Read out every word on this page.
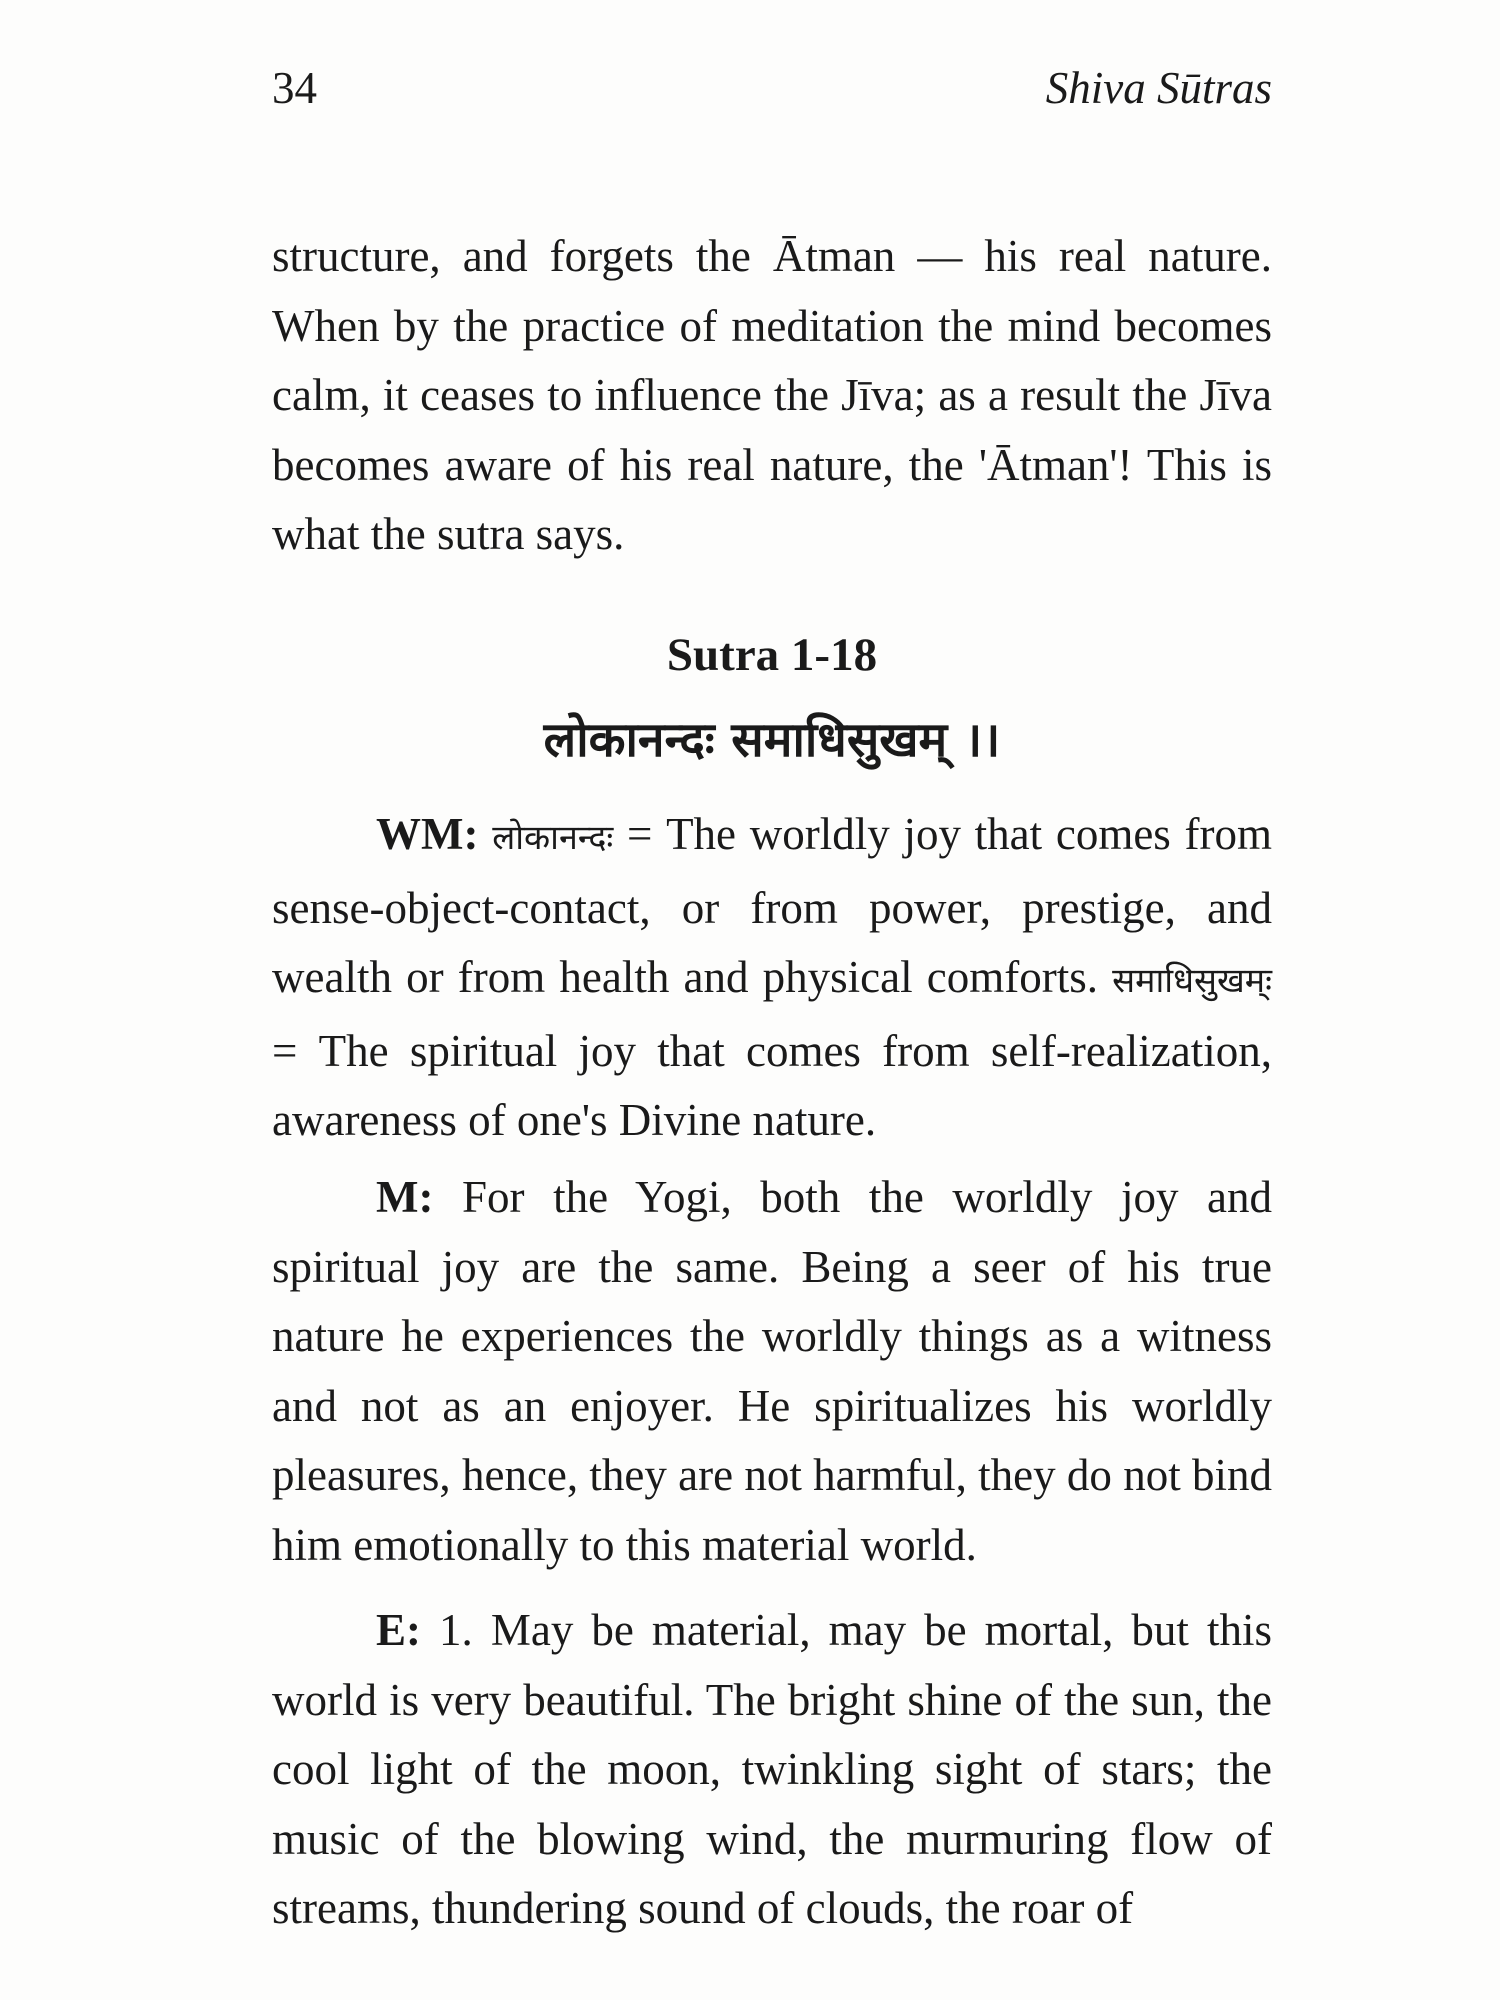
34	Shiva Sūtras

structure, and forgets the Ātman — his real nature. When by the practice of meditation the mind becomes calm, it ceases to influence the Jīva; as a result the Jīva becomes aware of his real nature, the 'Ātman'! This is what the sutra says.

Sutra 1-18
लोकानन्दः समाधिसुखम् ।।

WM: लोकानन्दः = The worldly joy that comes from sense-object-contact, or from power, prestige, and wealth or from health and physical comforts. समाधिसुखम्ः = The spiritual joy that comes from self-realization, awareness of one's Divine nature.

M: For the Yogi, both the worldly joy and spiritual joy are the same. Being a seer of his true nature he experiences the worldly things as a witness and not as an enjoyer. He spiritualizes his worldly pleasures, hence, they are not harmful, they do not bind him emotionally to this material world.

E: 1. May be material, may be mortal, but this world is very beautiful. The bright shine of the sun, the cool light of the moon, twinkling sight of stars; the music of the blowing wind, the murmuring flow of streams, thundering sound of clouds, the roar of
